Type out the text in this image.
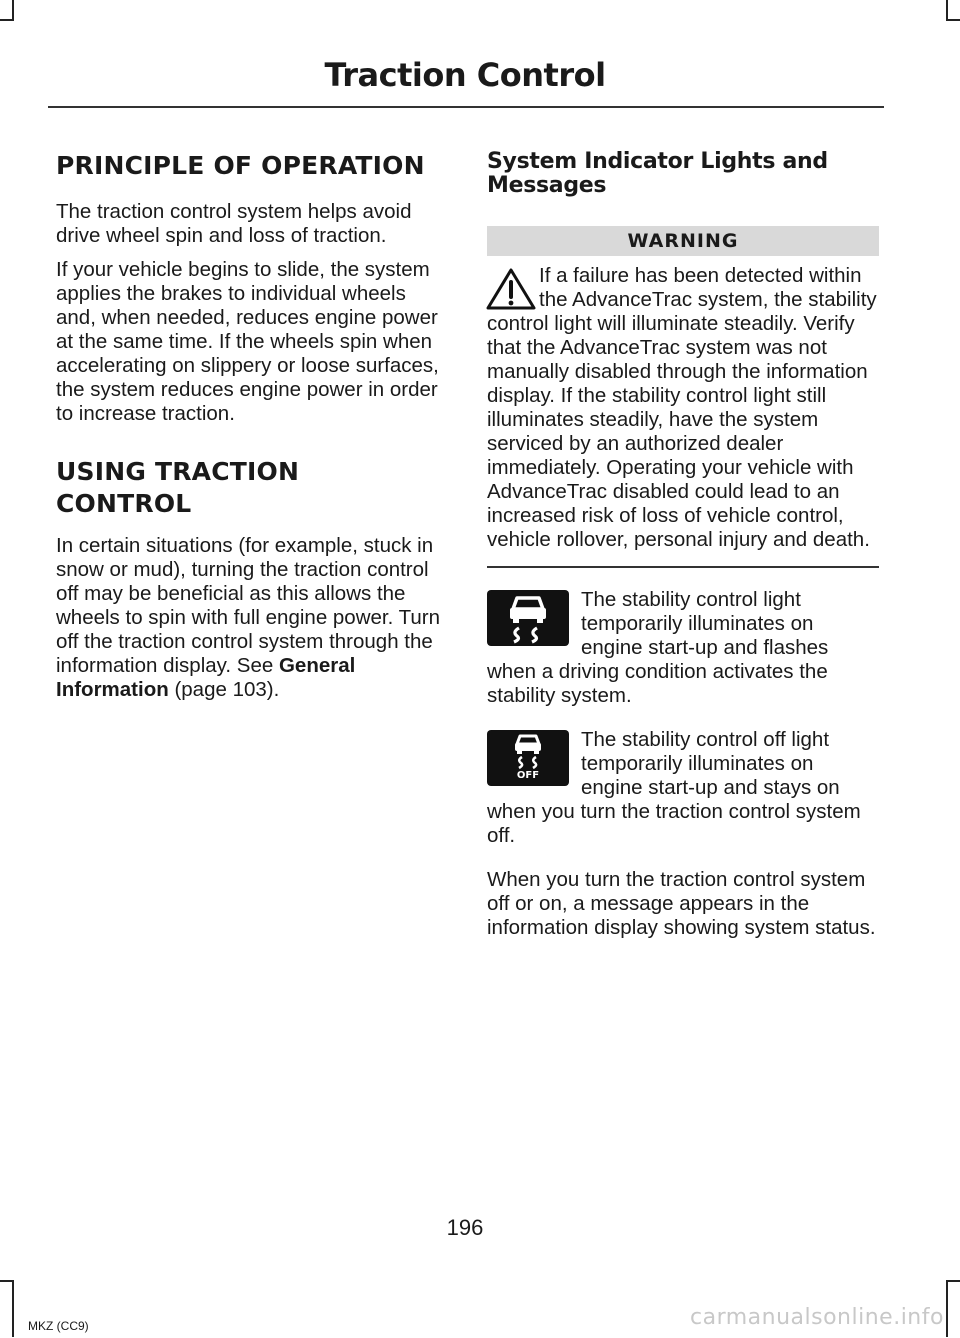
Traction Control
PRINCIPLE OF OPERATION

The traction control system helps avoid drive wheel spin and loss of traction.

If your vehicle begins to slide, the system applies the brakes to individual wheels and, when needed, reduces engine power at the same time. If the wheels spin when accelerating on slippery or loose surfaces, the system reduces engine power in order to increase traction.

USING TRACTION
CONTROL

In certain situations (for example, stuck in snow or mud), turning the traction control off may be beneficial as this allows the wheels to spin with full engine power. Turn off the traction control system through the information display. See General Information (page 103).

System Indicator Lights and Messages
WARNING

If a failure has been detected within the AdvanceTrac system, the stability control light will illuminate steadily. Verify that the AdvanceTrac system was not manually disabled through the information display. If the stability control light still illuminates steadily, have the system serviced by an authorized dealer immediately. Operating your vehicle with AdvanceTrac disabled could lead to an increased risk of loss of vehicle control, vehicle rollover, personal injury and death.

The stability control light temporarily illuminates on engine start-up and flashes when a driving condition activates the stability system.

OFF

The stability control off light temporarily illuminates on engine start-up and stays on when you turn the traction control system off.

When you turn the traction control system off or on, a message appears in the information display showing system status.

196

MKZ (CC9)	carmanualsonline.info
